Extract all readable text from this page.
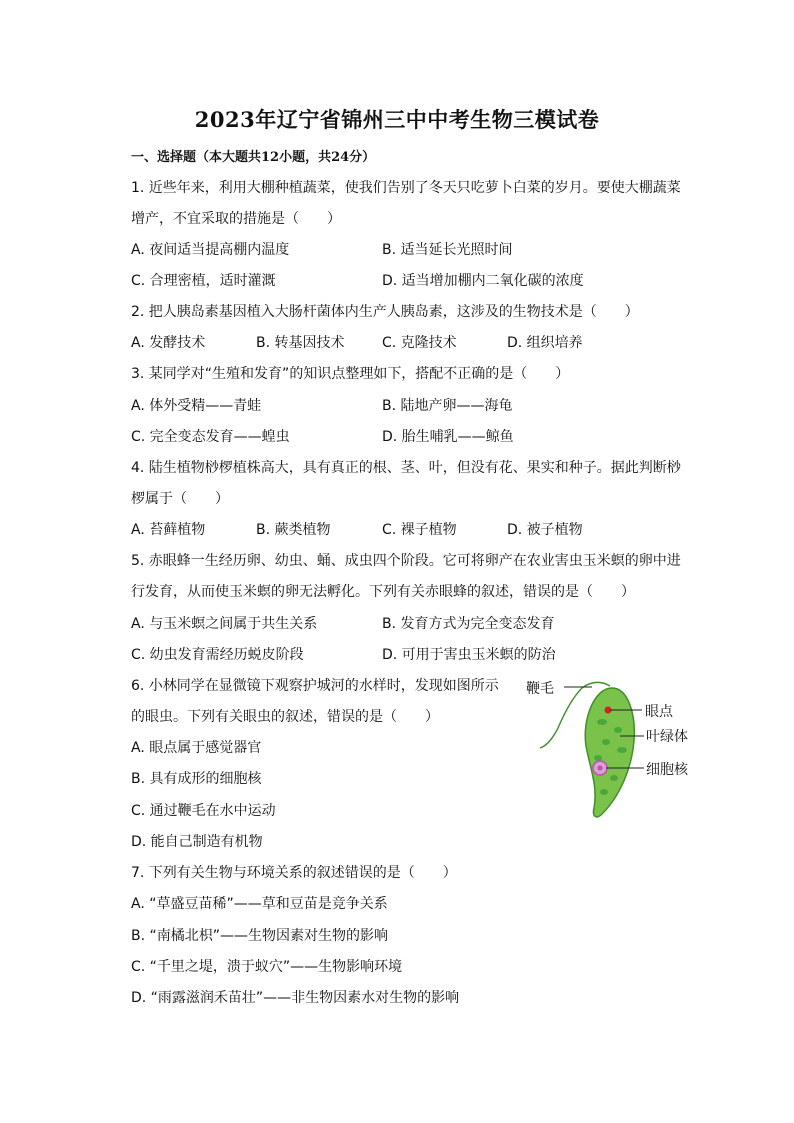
2023年辽宁省锦州三中中考生物三模试卷
一、选择题（本大题共12小题，共24分）
1. 近些年来，利用大棚种植蔬菜，使我们告别了冬天只吃萝卜白菜的岁月。要使大棚蔬菜
增产，不宜采取的措施是（　　）
A. 夜间适当提高棚内温度	B. 适当延长光照时间
C. 合理密植，适时灌溉	D. 适当增加棚内二氧化碳的浓度
2. 把人胰岛素基因植入大肠杆菌体内生产人胰岛素，这涉及的生物技术是（　　）
A. 发酵技术	B. 转基因技术	C. 克隆技术	D. 组织培养
3. 某同学对“生殖和发育”的知识点整理如下，搭配不正确的是（　　）
A. 体外受精——青蛙	B. 陆地产卵——海龟
C. 完全变态发育——蝗虫	D. 胎生哺乳——鲸鱼
4. 陆生植物桫椤植株高大，具有真正的根、茎、叶，但没有花、果实和种子。据此判断桫
椤属于（　　）
A. 苔藓植物	B. 蕨类植物	C. 裸子植物	D. 被子植物
5. 赤眼蜂一生经历卵、幼虫、蛹、成虫四个阶段。它可将卵产在农业害虫玉米螟的卵中进
行发育，从而使玉米螟的卵无法孵化。下列有关赤眼蜂的叙述，错误的是（　　）
A. 与玉米螟之间属于共生关系	B. 发育方式为完全变态发育
C. 幼虫发育需经历蜕皮阶段	D. 可用于害虫玉米螟的防治
6. 小林同学在显微镜下观察护城河的水样时，发现如图所示
的眼虫。下列有关眼虫的叙述，错误的是（　　）
A. 眼点属于感觉器官
B. 具有成形的细胞核
C. 通过鞭毛在水中运动
D. 能自己制造有机物
鞭毛
眼点
叶绿体
细胞核
7. 下列有关生物与环境关系的叙述错误的是（　　）
A. “草盛豆苗稀”——草和豆苗是竞争关系
B. “南橘北枳”——生物因素对生物的影响
C. “千里之堤，溃于蚁穴”——生物影响环境
D. “雨露滋润禾苗壮”——非生物因素水对生物的影响
